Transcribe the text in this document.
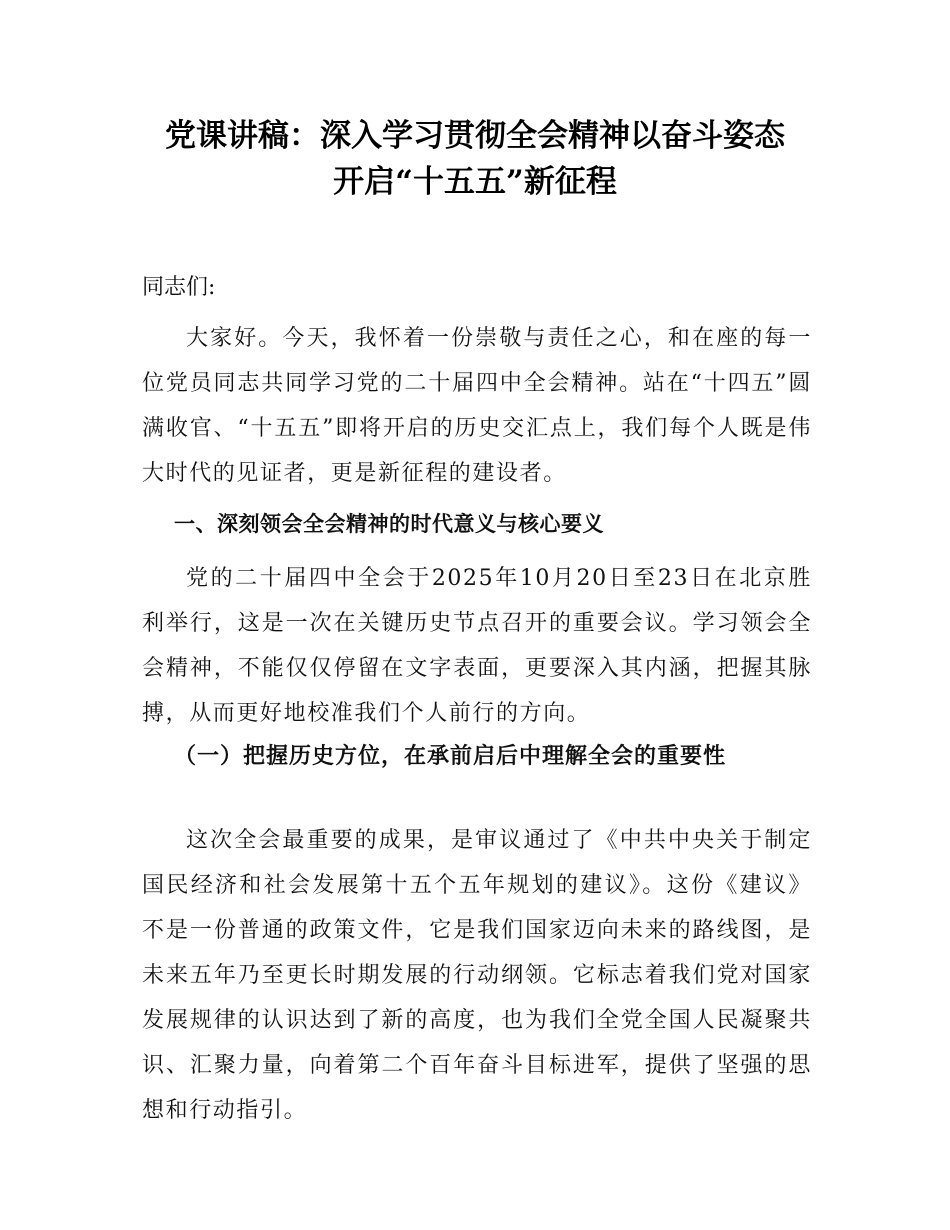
党课讲稿：深入学习贯彻全会精神以奋斗姿态
开启“十五五”新征程
同志们:

大家好。今天，我怀着一份崇敬与责任之心，和在座的每一位党员同志共同学习党的二十届四中全会精神。站在“十四五”圆满收官、“十五五”即将开启的历史交汇点上，我们每个人既是伟大时代的见证者，更是新征程的建设者。

一、深刻领会全会精神的时代意义与核心要义

党的二十届四中全会于2025年10月20日至23日在北京胜利举行，这是一次在关键历史节点召开的重要会议。学习领会全会精神，不能仅仅停留在文字表面，更要深入其内涵，把握其脉搏，从而更好地校准我们个人前行的方向。

（一）把握历史方位，在承前启后中理解全会的重要性

这次全会最重要的成果，是审议通过了《中共中央关于制定国民经济和社会发展第十五个五年规划的建议》。这份《建议》不是一份普通的政策文件，它是我们国家迈向未来的路线图，是未来五年乃至更长时期发展的行动纲领。它标志着我们党对国家发展规律的认识达到了新的高度，也为我们全党全国人民凝聚共识、汇聚力量，向着第二个百年奋斗目标进军，提供了坚强的思想和行动指引。
